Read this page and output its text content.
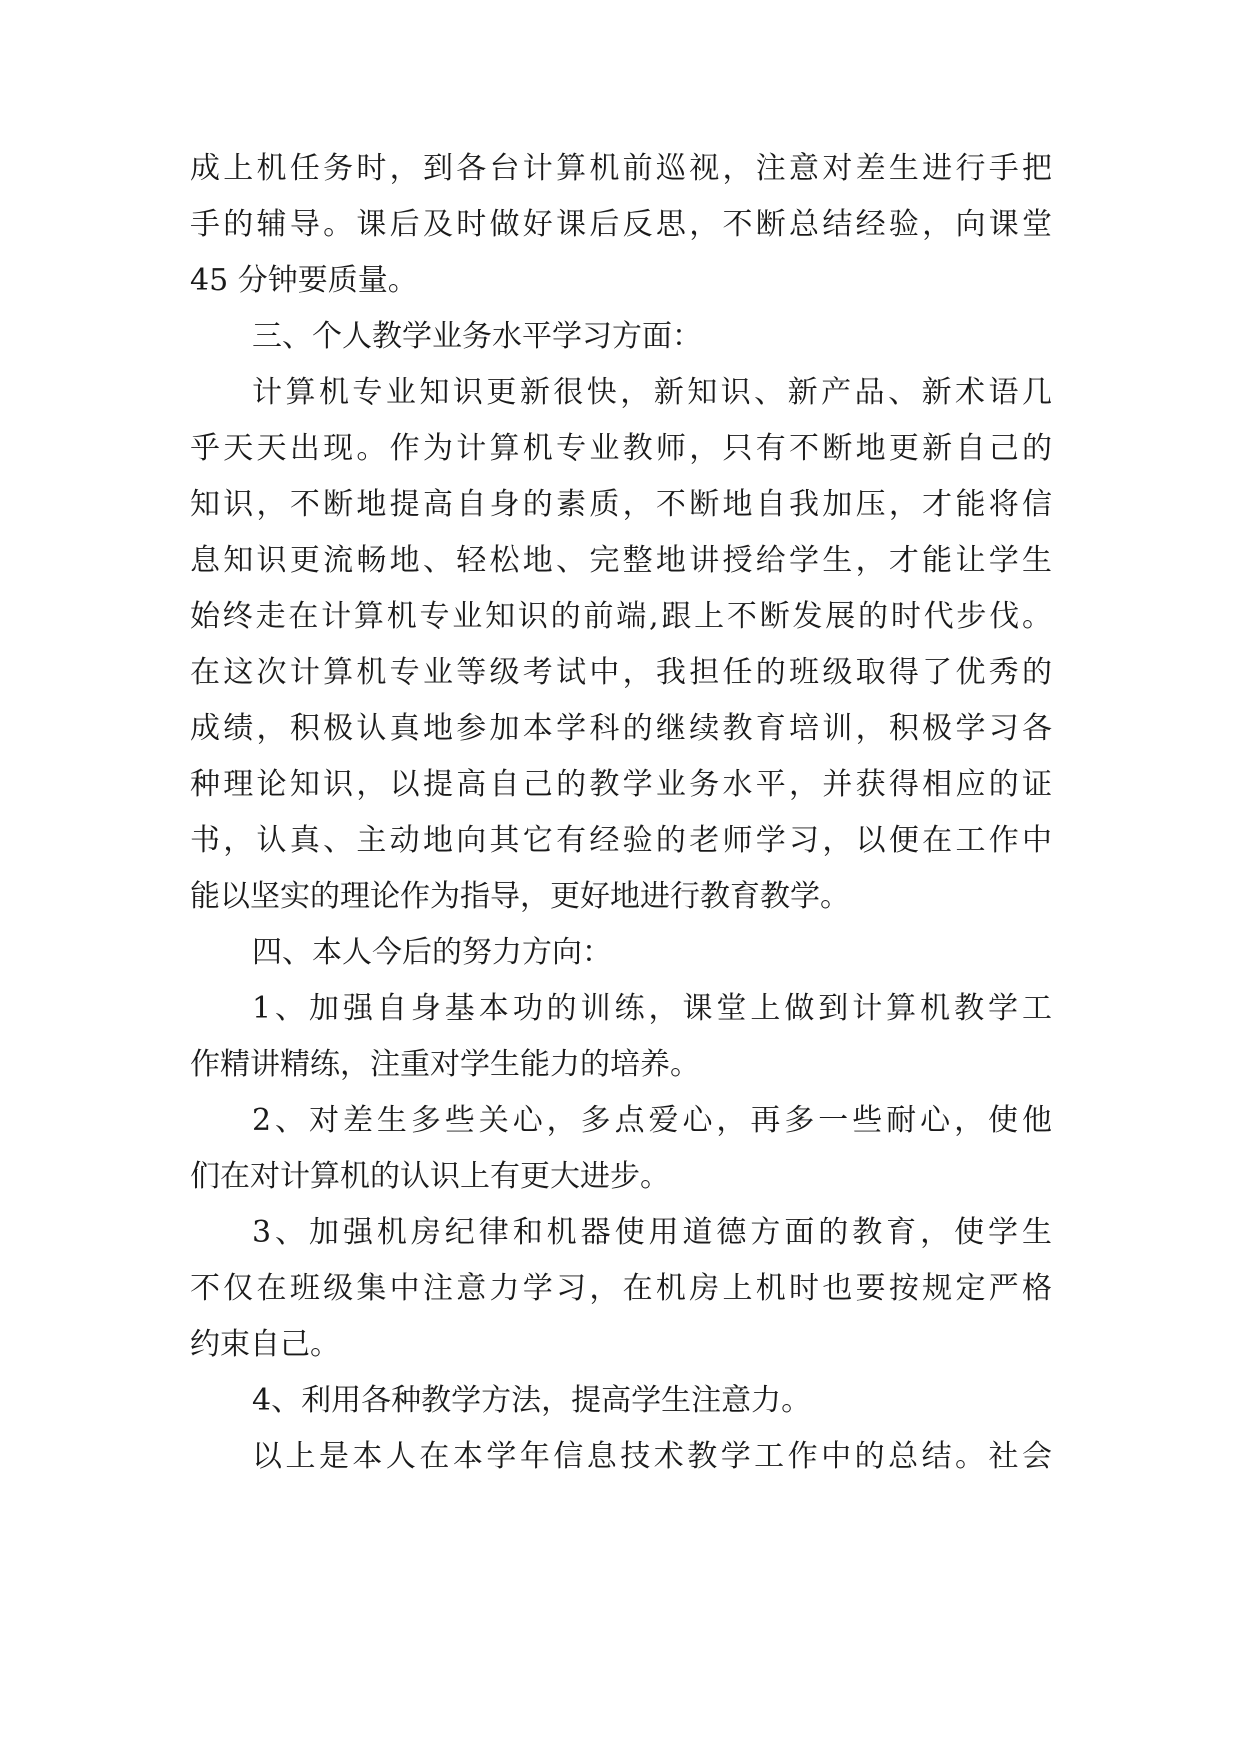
成上机任务时，到各台计算机前巡视，注意对差生进行手把
手的辅导。课后及时做好课后反思，不断总结经验，向课堂
45 分钟要质量。
三、个人教学业务水平学习方面：
计算机专业知识更新很快，新知识、新产品、新术语几
乎天天出现。作为计算机专业教师，只有不断地更新自己的
知识，不断地提高自身的素质，不断地自我加压，才能将信
息知识更流畅地、轻松地、完整地讲授给学生，才能让学生
始终走在计算机专业知识的前端,跟上不断发展的时代步伐。
在这次计算机专业等级考试中，我担任的班级取得了优秀的
成绩，积极认真地参加本学科的继续教育培训，积极学习各
种理论知识，以提高自己的教学业务水平，并获得相应的证
书，认真、主动地向其它有经验的老师学习，以便在工作中
能以坚实的理论作为指导，更好地进行教育教学。
四、本人今后的努力方向：
1、加强自身基本功的训练，课堂上做到计算机教学工
作精讲精练，注重对学生能力的培养。
2、对差生多些关心，多点爱心，再多一些耐心，使他
们在对计算机的认识上有更大进步。
3、加强机房纪律和机器使用道德方面的教育，使学生
不仅在班级集中注意力学习，在机房上机时也要按规定严格
约束自己。
4、利用各种教学方法，提高学生注意力。
以上是本人在本学年信息技术教学工作中的总结。社会
